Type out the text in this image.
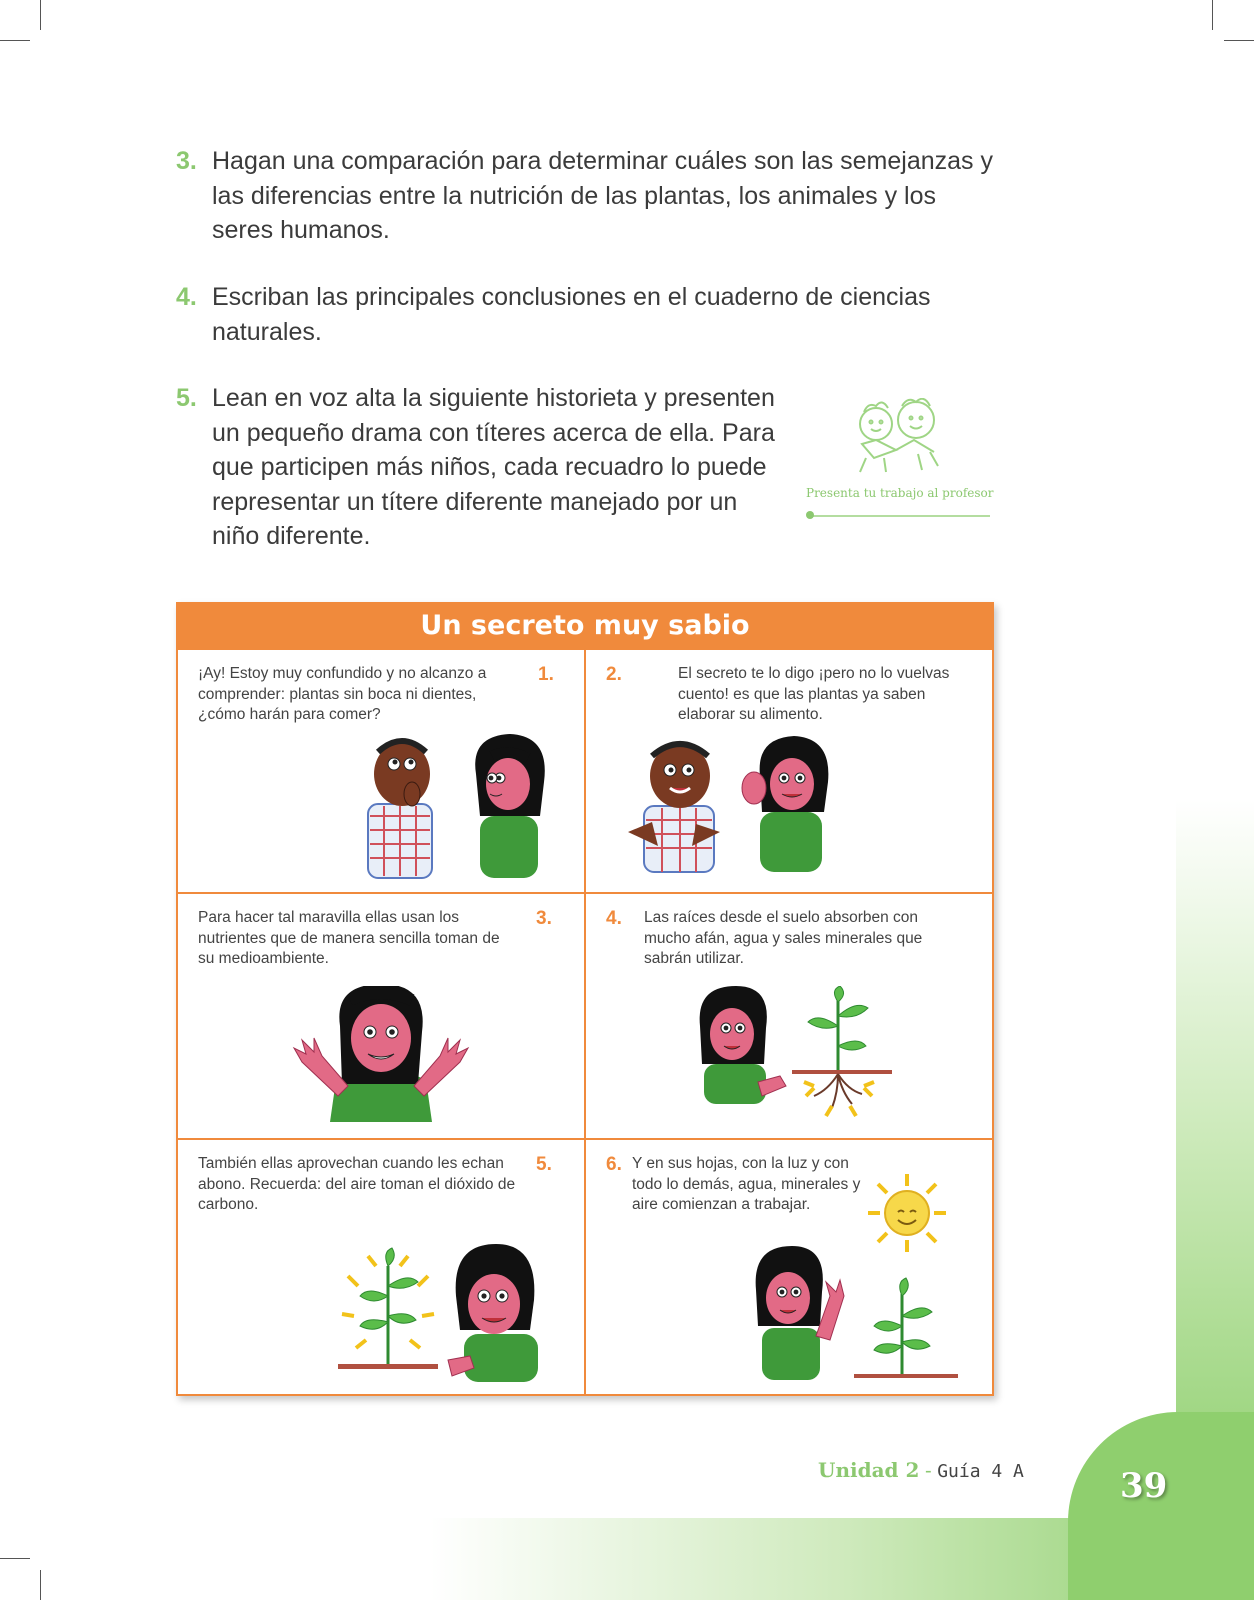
3. Hagan una comparación para determinar cuáles son las semejanzas y las diferencias entre la nutrición de las plantas, los animales y los seres humanos.
4. Escriban las principales conclusiones en el cuaderno de ciencias naturales.
5. Lean en voz alta la siguiente historieta y presenten un pequeño drama con títeres acerca de ella. Para que participen más niños, cada recuadro lo puede representar un títere diferente manejado por un niño diferente.
Presenta tu trabajo al profesor
Un secreto muy sabio
¡Ay! Estoy muy confundido y no alcanzo a comprender: plantas sin boca ni dientes, ¿cómo harán para comer?
1.	2.	El secreto te lo digo ¡pero no lo vuelvas cuento! es que las plantas ya saben elaborar su alimento.
Para hacer tal maravilla ellas usan los nutrientes que de manera sencilla toman de su medioambiente.
3.	4. Las raíces desde el suelo absorben con mucho afán, agua y sales minerales que sabrán utilizar.
También ellas aprovechan cuando les echan abono. Recuerda: del aire toman el dióxido de carbono.
5.	6. Y en sus hojas, con la luz y con todo lo demás, agua, minerales y aire comienzan a trabajar.
Unidad 2 - Guía 4 A	39
